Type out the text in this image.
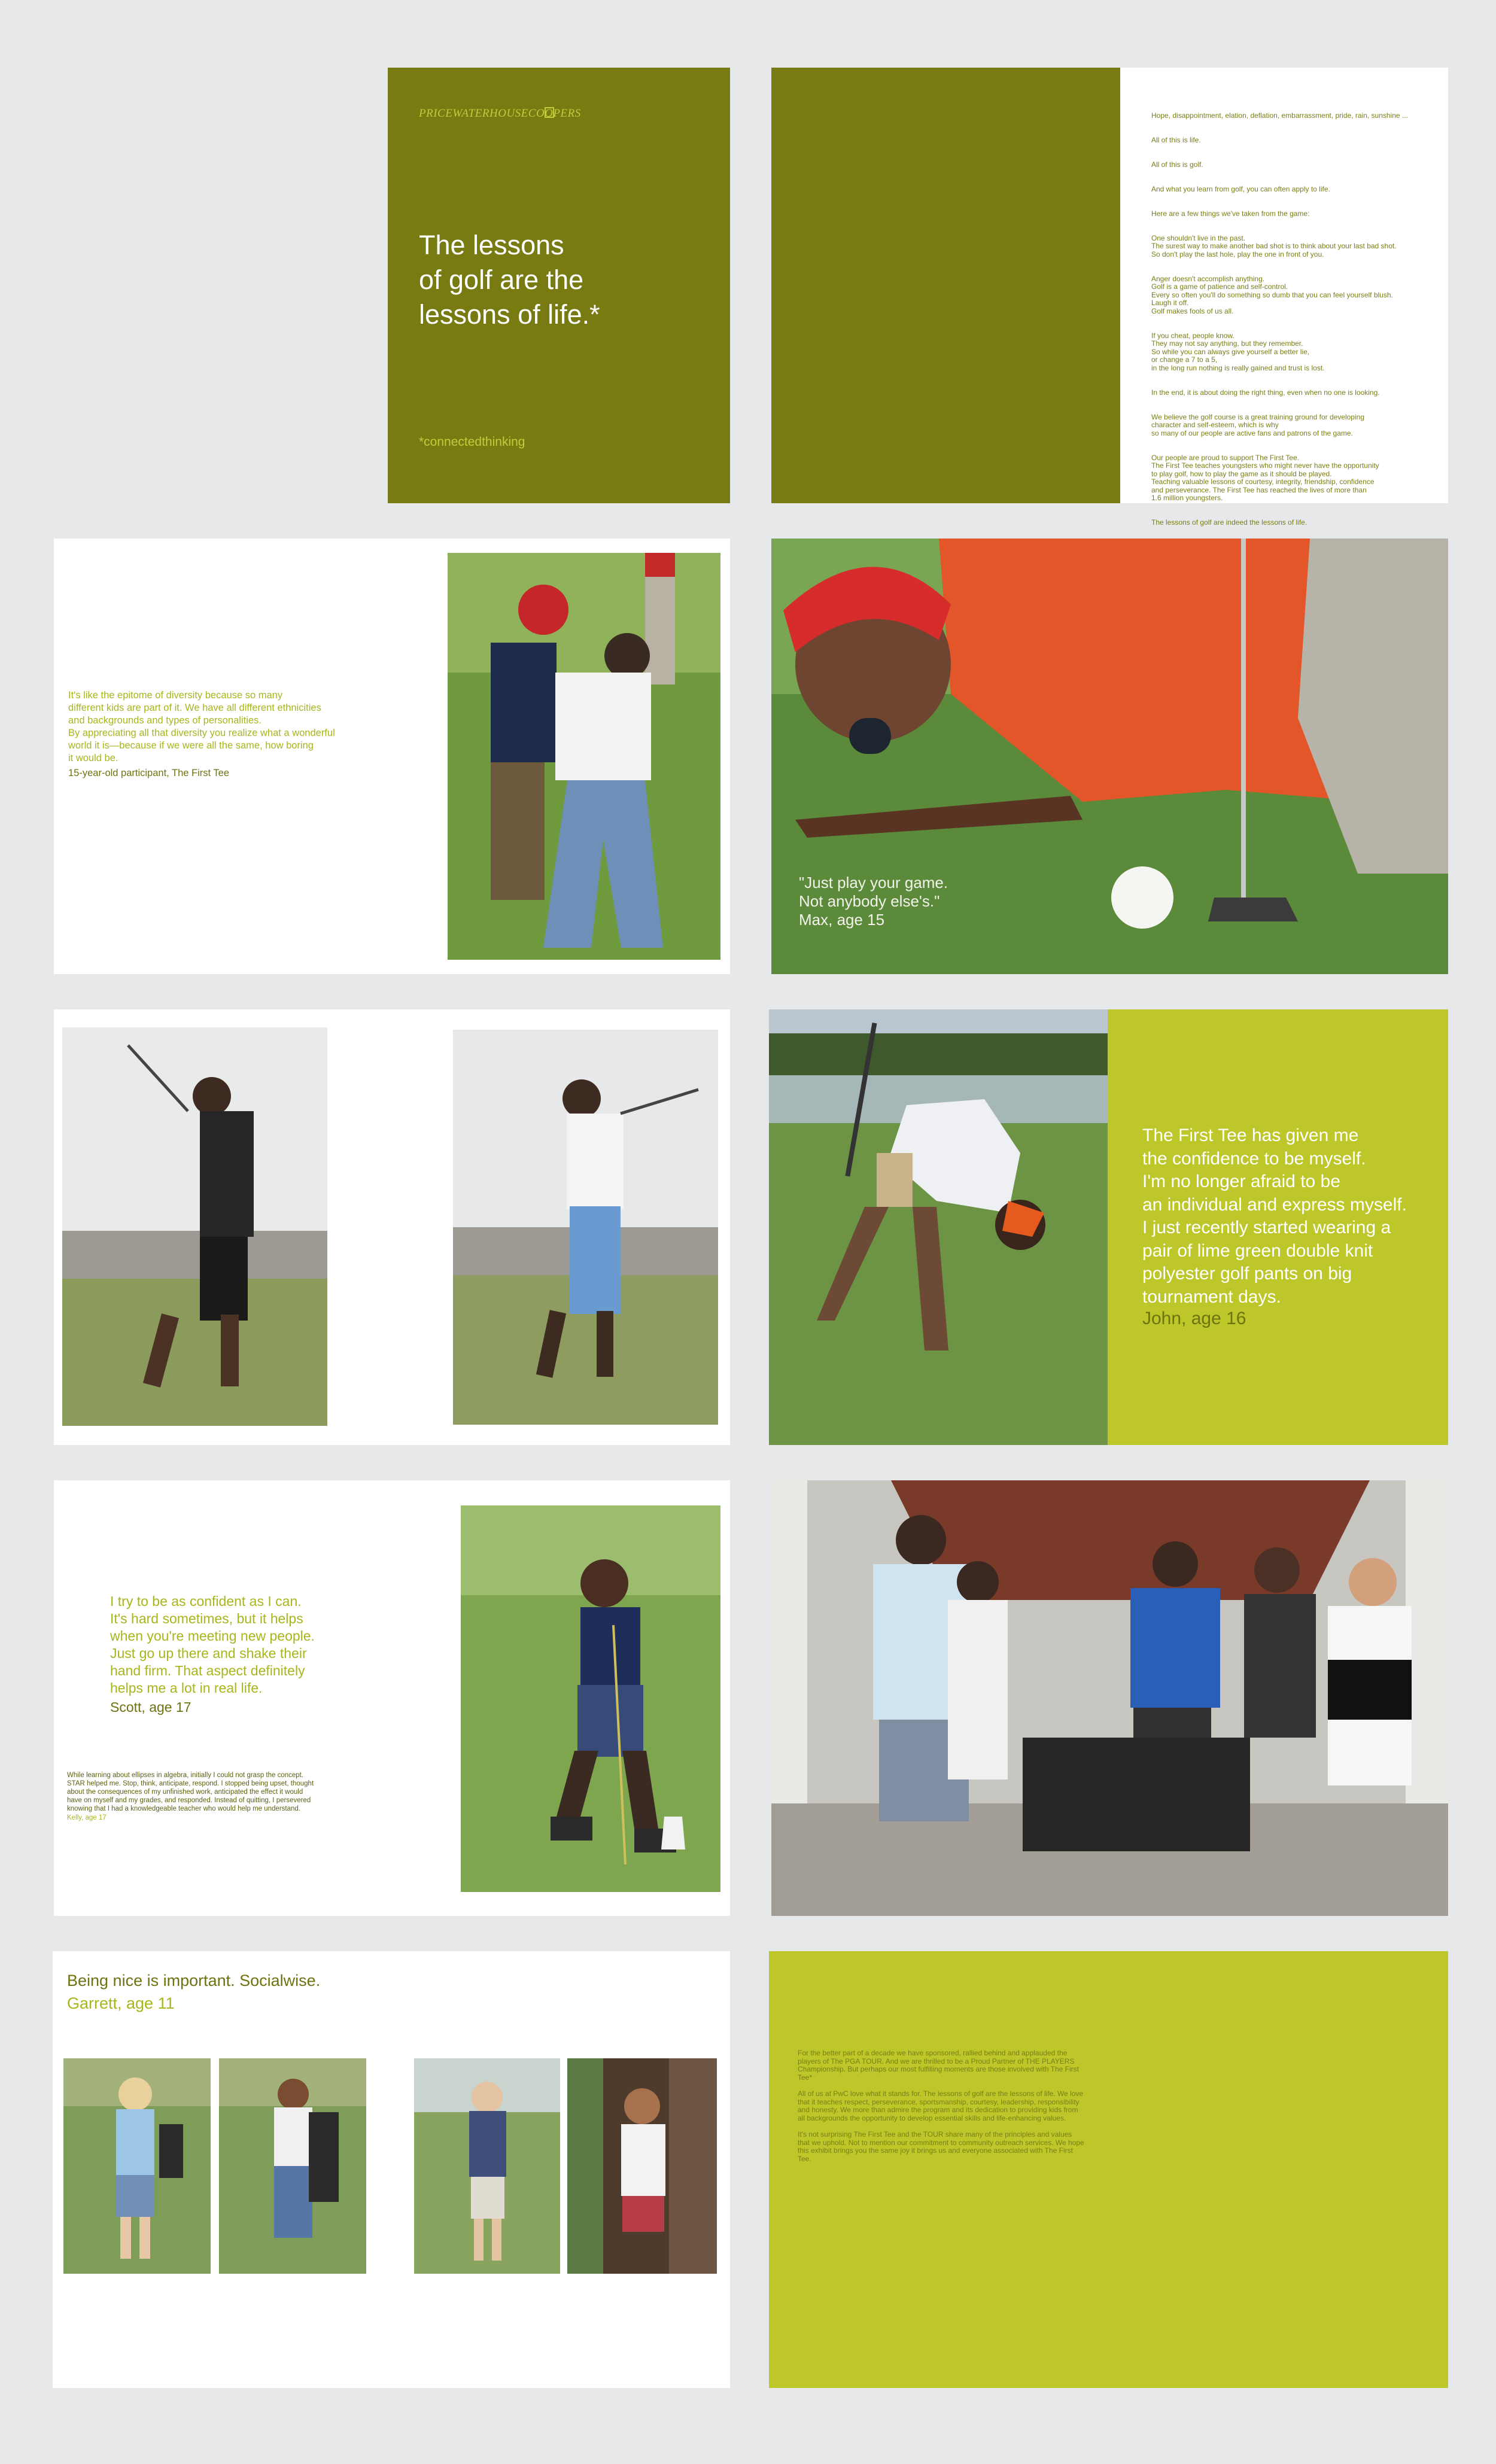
PRICEWATERHOUSECOOPERS
The lessons
of golf are the
lessons of life.*
*connectedthinking

Hope, disappointment, elation, deflation, embarrassment, pride, rain, sunshine ...

All of this is life.

All of this is golf.

And what you learn from golf, you can often apply to life.

Here are a few things we've taken from the game:

One shouldn't live in the past.
The surest way to make another bad shot is to think about your last bad shot.
So don't play the last hole, play the one in front of you.

Anger doesn't accomplish anything.
Golf is a game of patience and self-control.
Every so often you'll do something so dumb that you can feel yourself blush.
Laugh it off.
Golf makes fools of us all.

If you cheat, people know.
They may not say anything, but they remember.
So while you can always give yourself a better lie,
or change a 7 to a 5,
in the long run nothing is really gained and trust is lost.

In the end, it is about doing the right thing, even when no one is looking.

We believe the golf course is a great training ground for developing
character and self-esteem, which is why
so many of our people are active fans and patrons of the game.

Our people are proud to support The First Tee.
The First Tee teaches youngsters who might never have the opportunity
to play golf, how to play the game as it should be played.
Teaching valuable lessons of courtesy, integrity, friendship, confidence
and perseverance. The First Tee has reached the lives of more than
1.6 million youngsters.

The lessons of golf are indeed the lessons of life.

It's like the epitome of diversity because so many
different kids are part of it. We have all different ethnicities
and backgrounds and types of personalities.
By appreciating all that diversity you realize what a wonderful
world it is—because if we were all the same, how boring
it would be.
15-year-old participant, The First Tee
"Just play your game.
Not anybody else's."
Max, age 15
The First Tee has given me
the confidence to be myself.
I'm no longer afraid to be
an individual and express myself.
I just recently started wearing a
pair of lime green double knit
polyester golf pants on big
tournament days.
John, age 16
I try to be as confident as I can.
It's hard sometimes, but it helps
when you're meeting new people.
Just go up there and shake their
hand firm. That aspect definitely
helps me a lot in real life.
Scott, age 17
While learning about ellipses in algebra, initially I could not grasp the concept.
STAR helped me. Stop, think, anticipate, respond. I stopped being upset, thought
about the consequences of my unfinished work, anticipated the effect it would
have on myself and my grades, and responded. Instead of quitting, I persevered
knowing that I had a knowledgeable teacher who would help me understand.
Kelly, age 17
Being nice is important. Socialwise.
Garrett, age 11

For the better part of a decade we have sponsored, rallied behind and applauded the players of The PGA TOUR. And we are thrilled to be a Proud Partner of THE PLAYERS Championship. But perhaps our most fulfilling moments are those involved with The First Tee*

All of us at PwC love what it stands for. The lessons of golf are the lessons of life. We love that it teaches respect, perseverance, sportsmanship, courtesy, leadership, responsibility and honesty. We more than admire the program and its dedication to providing kids from all backgrounds the opportunity to develop essential skills and life-enhancing values.

It's not surprising The First Tee and the TOUR share many of the principles and values that we uphold. Not to mention our commitment to community outreach services. We hope this exhibit brings you the same joy it brings us and everyone associated with The First Tee.
